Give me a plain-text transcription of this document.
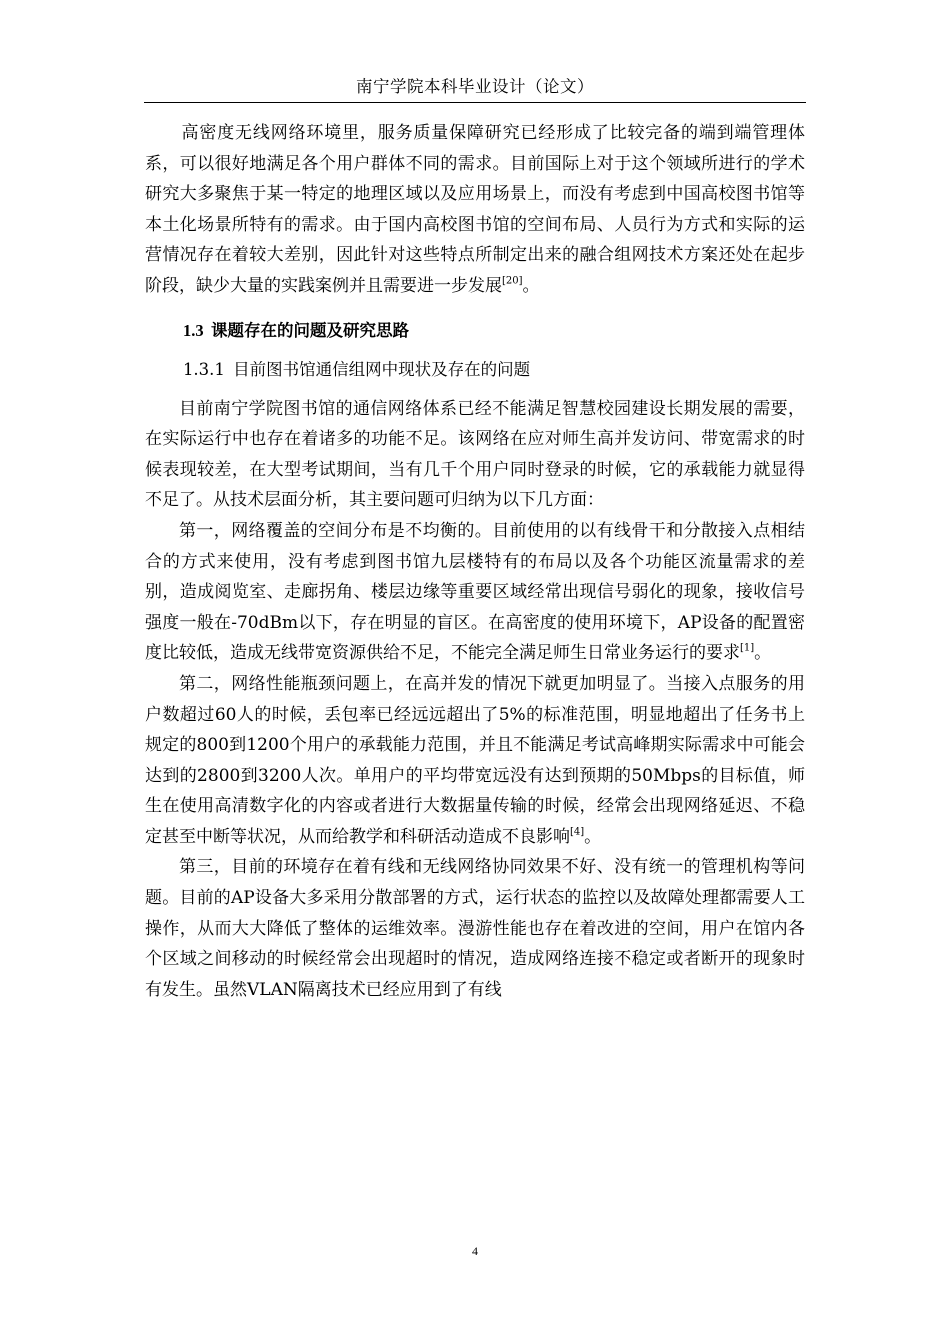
南宁学院本科毕业设计（论文）

高密度无线网络环境里，服务质量保障研究已经形成了比较完备的端到端管理体系，可以很好地满足各个用户群体不同的需求。目前国际上对于这个领域所进行的学术研究大多聚焦于某一特定的地理区域以及应用场景上，而没有考虑到中国高校图书馆等本土化场景所特有的需求。由于国内高校图书馆的空间布局、人员行为方式和实际的运营情况存在着较大差别，因此针对这些特点所制定出来的融合组网技术方案还处在起步阶段，缺少大量的实践案例并且需要进一步发展[20]。

1.3 课题存在的问题及研究思路
1.3.1 目前图书馆通信组网中现状及存在的问题

目前南宁学院图书馆的通信网络体系已经不能满足智慧校园建设长期发展的需要，在实际运行中也存在着诸多的功能不足。该网络在应对师生高并发访问、带宽需求的时候表现较差，在大型考试期间，当有几千个用户同时登录的时候，它的承载能力就显得不足了。从技术层面分析，其主要问题可归纳为以下几方面：

第一，网络覆盖的空间分布是不均衡的。目前使用的以有线骨干和分散接入点相结合的方式来使用，没有考虑到图书馆九层楼特有的布局以及各个功能区流量需求的差别，造成阅览室、走廊拐角、楼层边缘等重要区域经常出现信号弱化的现象，接收信号强度一般在-70dBm以下，存在明显的盲区。在高密度的使用环境下，AP设备的配置密度比较低，造成无线带宽资源供给不足，不能完全满足师生日常业务运行的要求[1]。

第二，网络性能瓶颈问题上，在高并发的情况下就更加明显了。当接入点服务的用户数超过60人的时候，丢包率已经远远超出了5%的标准范围，明显地超出了任务书上规定的800到1200个用户的承载能力范围，并且不能满足考试高峰期实际需求中可能会达到的2800到3200人次。单用户的平均带宽远没有达到预期的50Mbps的目标值，师生在使用高清数字化的内容或者进行大数据量传输的时候，经常会出现网络延迟、不稳定甚至中断等状况，从而给教学和科研活动造成不良影响[4]。

第三，目前的环境存在着有线和无线网络协同效果不好、没有统一的管理机构等问题。目前的AP设备大多采用分散部署的方式，运行状态的监控以及故障处理都需要人工操作，从而大大降低了整体的运维效率。漫游性能也存在着改进的空间，用户在馆内各个区域之间移动的时候经常会出现超时的情况，造成网络连接不稳定或者断开的现象时有发生。虽然VLAN隔离技术已经应用到了有线

4
